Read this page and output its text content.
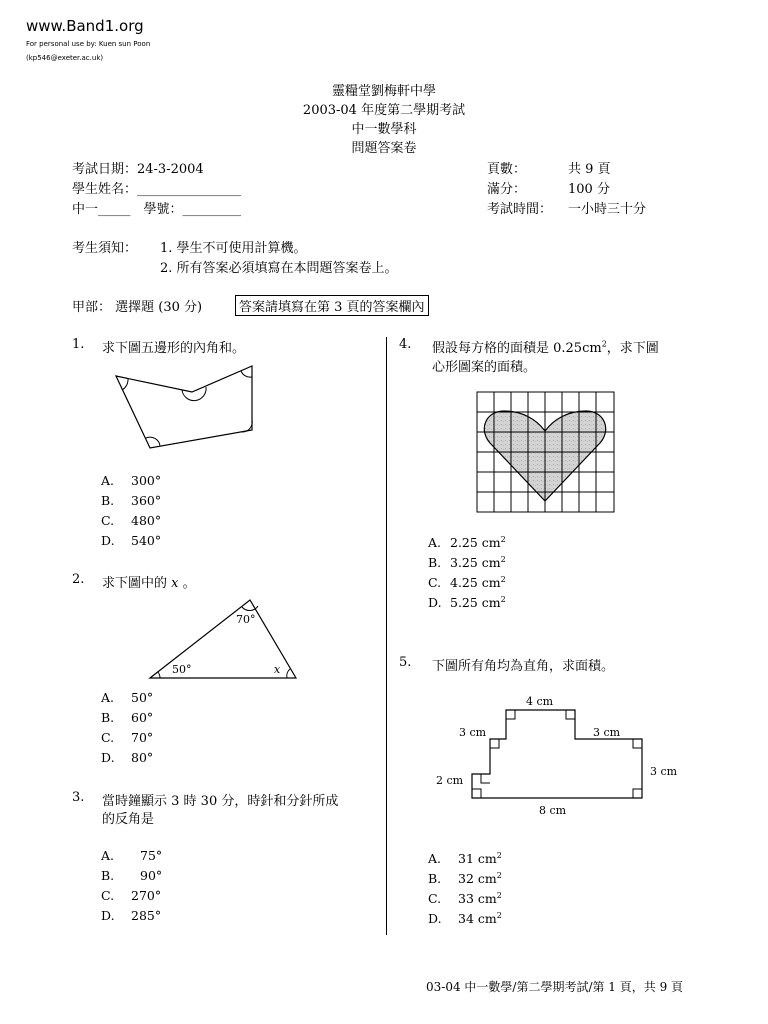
www.Band1.org
For personal use by: Kuen sun Poon
(kp546@exeter.ac.uk)
靈糧堂劉梅軒中學
2003-04 年度第二學期考試
中一數學科
問題答案卷
考試日期：24-3-2004
學生姓名：________________
中一_____　學號：_________
頁數：	共 9 頁
滿分：	100 分
考試時間： 一小時三十分
考生須知： 1. 學生不可使用計算機。
2. 所有答案必須填寫在本問題答案卷上。
甲部： 選擇題 (30 分)	答案請填寫在第 3 頁的答案欄內
1. 求下圖五邊形的內角和。
A. 300°
B. 360°
C. 480°
D. 540°
2. 求下圖中的 x 。
70°
50°	x
A. 50°
B. 60°
C. 70°
D. 80°
3. 當時鐘顯示 3 時 30 分，時針和分針所成
的反角是
A. 75°
B. 90°
C. 270°
D. 285°
4. 假設每方格的面積是 $0.25cm^2$，求下圖
心形圖案的面積。
A. 2.25 $cm^2$
B. 3.25 $cm^2$
C. 4.25 $cm^2$
D. 5.25 $cm^2$
5. 下圖所有角均為直角，求面積。
4 cm
3 cm	3 cm
3 cm
2 cm
8 cm
A. 31 $cm^2$
B. 32 $cm^2$
C. 33 $cm^2$
D. 34 $cm^2$
03-04 中一數學/第二學期考試/第 1 頁，共 9 頁
